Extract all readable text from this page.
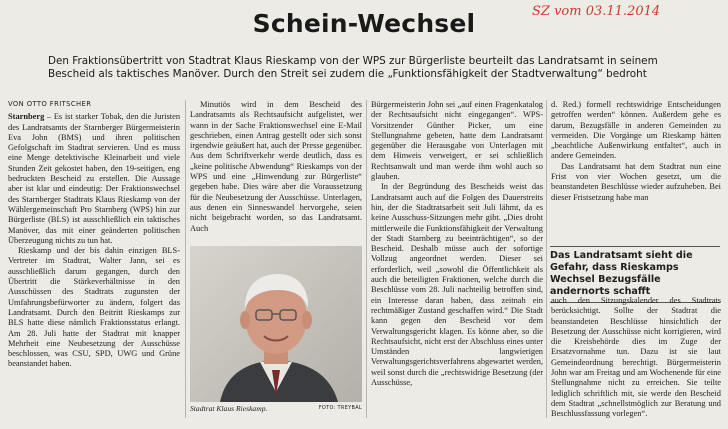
Schein-Wechsel	SZ vom 03.11.2014

Den Fraktionsübertritt von Stadtrat Klaus Rieskamp von der WPS zur Bürgerliste beurteilt das Landratsamt in seinem Bescheid als taktisches Manöver. Durch den Streit sei zudem die „Funktionsfähigkeit der Stadtverwaltung“ bedroht

VON OTTO FRITSCHER

Starnberg – Es ist starker Tobak, den die Juristen des Landratsamts der Starnberger Bürgermeisterin Eva John (BMS) und ihren politischen Gefolgschaft im Stadtrat servieren. Und es muss eine Menge detektivische Kleinarbeit und viele Stunden Zeit gekostet haben, den 19-seitigen, eng bedruckten Bescheid zu erstellen. Die Aussage aber ist klar und eindeutig: Der Fraktionswechsel des Starnberger Stadtrats Klaus Rieskamp von der Wählergemeinschaft Pro Starnberg (WPS) hin zur Bürgerliste (BLS) ist ausschließlich ein taktisches Manöver, das mit einer geänderten politischen Überzeugung nichts zu tun hat.

Rieskamp und der bis dahin einzigen BLS-Vertreter im Stadtrat, Walter Jann, sei es ausschließlich darum gegangen, durch den Übertritt die Stärkeverhältnisse in den Ausschüssen des Stadtrats zugunsten der Umfahrungsbefürworter zu ändern, folgert das Landratsamt. Durch den Beitritt Rieskamps zur BLS hatte diese nämlich Fraktionsstatus erlangt. Am 28. Juli hatte der Stadtrat mit knapper Mehrheit eine Neubesetzung der Ausschüsse beschlossen, was CSU, SPD, UWG und Grüne beanstandet haben.

Minutiös wird in dem Bescheid des Landratsamts als Rechtsaufsicht aufgelistet, wer wann in der Sache Fraktionswechsel eine E-Mail geschrieben, einen Antrag gestellt oder sich sonst irgendwie geäußert hat, auch der Presse gegenüber. Aus dem Schriftverkehr werde deutlich, dass es „keine politische Abwendung“ Rieskamps von der WPS und eine „Hinwendung zur Bürgerliste“ gegeben habe. Dies wäre aber die Voraussetzung für die Neubesetzung der Ausschüsse. Unterlagen, aus denen ein Sinneswandel hervorgehe, seien nicht beigebracht worden, so das Landratsamt. Auch

Stadtrat Klaus Rieskamp.	FOTO: TREYBAL

Bürgermeisterin John sei „auf einen Fragenkatalog der Rechtsaufsicht nicht eingegangen“. WPS-Vorsitzender Günther Picker, um eine Stellungnahme gebeten, hatte dem Landratsamt gegenüber die Herausgabe von Unterlagen mit dem Hinweis verweigert, er sei schließlich Rechtsanwalt und man werde ihm wohl auch so glauben.

In der Begründung des Bescheids weist das Landratsamt auch auf die Folgen des Dauerstreits hin, der die Stadtratsarbeit seit Juli lähmt, da es keine Ausschuss-Sitzungen mehr gibt. „Dies droht mittlerweile die Funktionsfähigkeit der Verwaltung der Stadt Starnberg zu beeinträchtigen“, so der Bescheid. Deshalb müsse auch der sofortige Vollzug angeordnet werden. Dieser sei erforderlich, weil „sowohl die Öffentlichkeit als auch die beteiligten Fraktionen, welche durch die Beschlüsse vom 28. Juli nachteilig betroffen sind, ein Interesse daran haben, dass zeitnah ein rechtmäßiger Zustand geschaffen wird.“ Die Stadt kann gegen den Bescheid vor dem Verwaltungsgericht klagen. Es könne aber, so die Rechtsaufsicht, nicht erst der Abschluss eines unter Umständen langwierigen Verwaltungsgerichtsverfahrens abgewartet werden, weil sonst durch die „rechtswidrige Besetzung (der Ausschüsse,

d. Red.) formell rechtswidrige Entscheidungen getroffen werden“ können. Außerdem gehe es darum, Bezugsfälle in anderen Gemeinden zu vermeiden. Die Vorgänge um Rieskamp hätten „beachtliche Außenwirkung entfaltet“, auch in andere Gemeinden.

Das Landratsamt hat dem Stadtrat nun eine Frist von vier Wochen gesetzt, um die beanstandeten Beschlüsse wieder aufzuheben. Bei dieser Fristsetzung habe man

Das Landratsamt sieht die Gefahr, dass Rieskamps Wechsel Bezugsfälle andernorts schafft

auch den Sitzungskalender des Stadtrats berücksichtigt. Sollte der Stadtrat die beanstandeten Beschlüsse hinsichtlich der Besetzung der Ausschüsse nicht korrigieren, wird die Kreisbehörde dies im Zuge der Ersatzvornahme tun. Dazu ist sie laut Gemeindeordnung berechtigt. Bürgermeisterin John war am Freitag und am Wochenende für eine Stellungnahme nicht zu erreichen. Sie teilte lediglich schriftlich mit, sie werde den Bescheid dem Stadtrat „schnellstmöglich zur Beratung und Beschlussfassung vorlegen“.
